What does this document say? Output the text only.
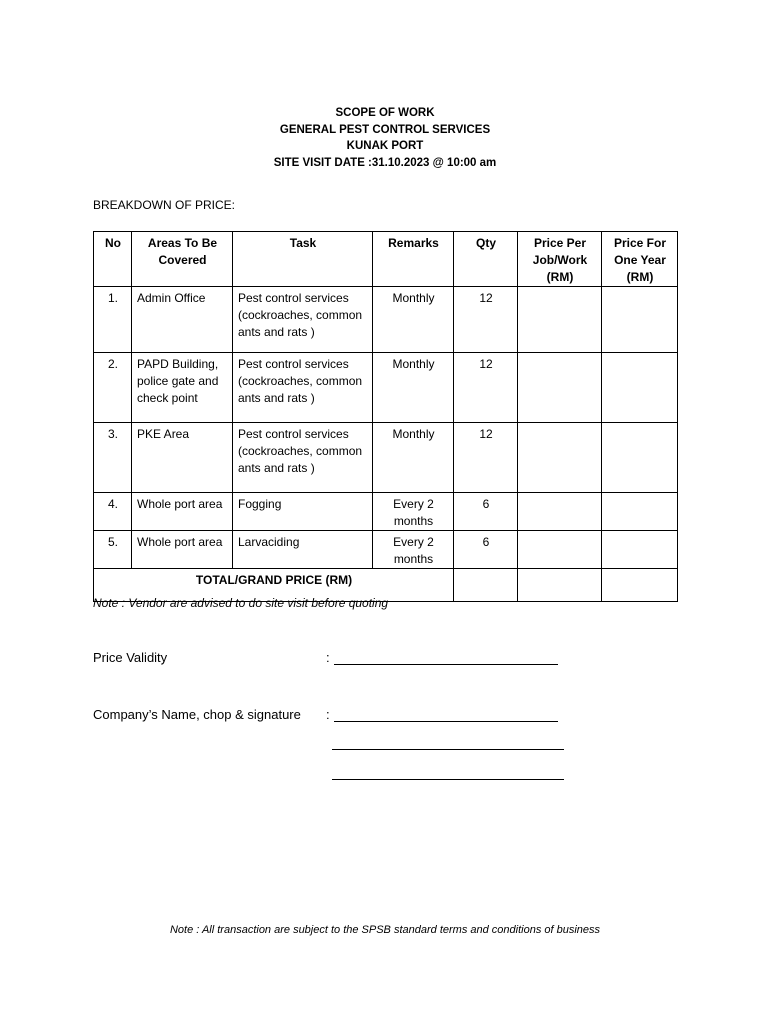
SCOPE OF WORK
GENERAL PEST CONTROL SERVICES
KUNAK PORT
SITE VISIT DATE :31.10.2023 @ 10:00 am
BREAKDOWN OF PRICE:
No	Areas To Be Covered	Task	Remarks	Qty	Price Per Job/Work (RM)	Price For One Year (RM)
1.	Admin Office	Pest control services (cockroaches, common ants and rats )	Monthly	12		
2.	PAPD Building, police gate and check point	Pest control services (cockroaches, common ants and rats )	Monthly	12		
3.	PKE Area	Pest control services (cockroaches, common ants and rats )	Monthly	12		
4.	Whole port area	Fogging	Every 2 months	6		
5.	Whole port area	Larvaciding	Every 2 months	6		
TOTAL/GRAND PRICE (RM)						
Note : Vendor are advised to do site visit before quoting
Price Validity	:
Company’s Name, chop & signature :
Note : All transaction are subject to the SPSB standard terms and conditions of business
